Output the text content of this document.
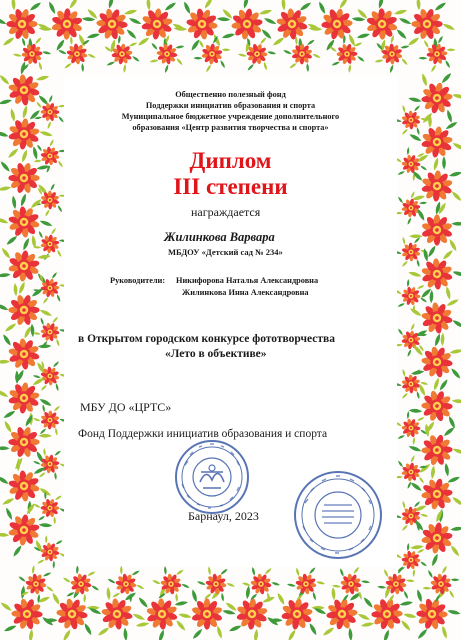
Общественно полезный фонд
Поддержки инициатив образования и спорта
Муниципальное бюджетное учреждение дополнительного
образования «Центр развития творчества и спорта»
Диплом
III степени
награждается
Жилинкова Варвара
МБДОУ «Детский сад № 234»
Руководители: Никифорова Наталья Александровна
Жилинкова Инна Александровна
в Открытом городском конкурсе фототворчества
«Лето в объективе»
МБУ ДО «ЦРТС»
Фонд Поддержки инициатив образования и спорта
Барнаул, 2023
